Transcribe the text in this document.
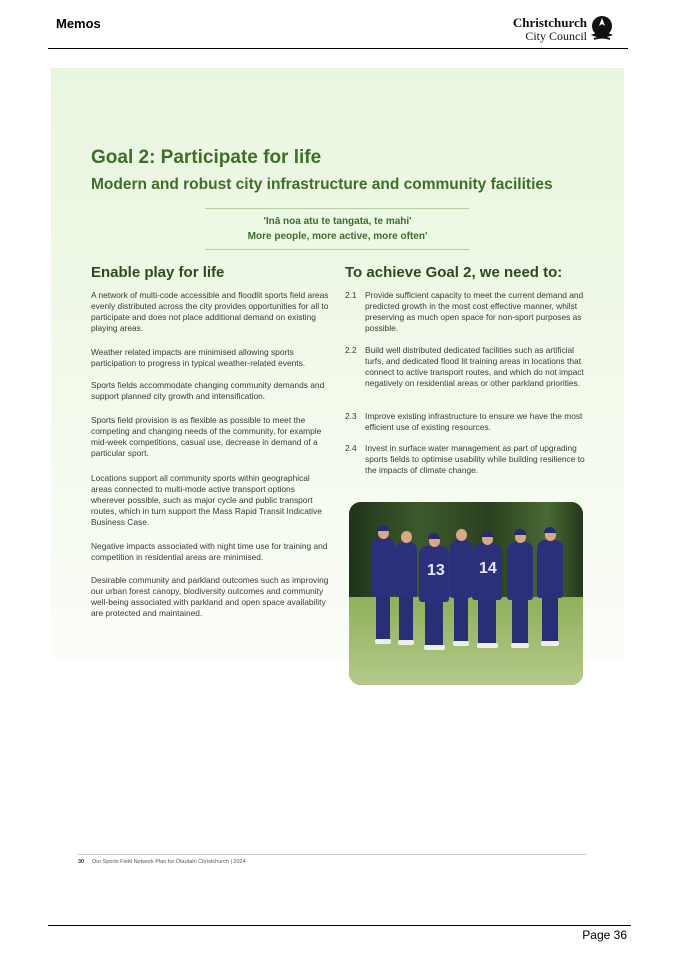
Memos	Christchurch
City Council
Goal 2: Participate for life
Modern and robust city infrastructure and community facilities
'Inā noa atu te tangata, te mahi'
More people, more active, more often'
Enable play for life	To achieve Goal 2, we need to:
A network of multi-code accessible and floodlit sports field areas evenly distributed across the city provides opportunities for all to participate and does not place additional demand on existing playing areas.
Weather related impacts are minimised allowing sports participation to progress in typical weather-related events.
Sports fields accommodate changing community demands and support planned city growth and intensification.
Sports field provision is as flexible as possible to meet the competing and changing needs of the community, for example mid-week competitions, casual use, decrease in demand of a particular sport.
Locations support all community sports within geographical areas connected to multi-mode active transport options wherever possible, such as major cycle and public transport routes, which in turn support the Mass Rapid Transit Indicative Business Case.
Negative impacts associated with night time use for training and competition in residential areas are minimised.
Desirable community and parkland outcomes such as improving our urban forest canopy, biodiversity outcomes and community well-being associated with parkland and open space availability are protected and maintained.
2.1 Provide sufficient capacity to meet the current demand and predicted growth in the most cost effective manner, whilst preserving as much open space for non-sport purposes as possible.
2.2 Build well distributed dedicated facilities such as artificial turfs, and dedicated flood lit training areas in locations that connect to active transport routes, and which do not impact negatively on residential areas or other parkland priorities.
2.3 Improve existing infrastructure to ensure we have the most efficient use of existing resources.
2.4 Invest in surface water management as part of upgrading sports fields to optimise usability while building resilience to the impacts of climate change.
13 14
30 Our Sports Field Network Plan for Ōtautahi Christchurch | 2024
Page 36
